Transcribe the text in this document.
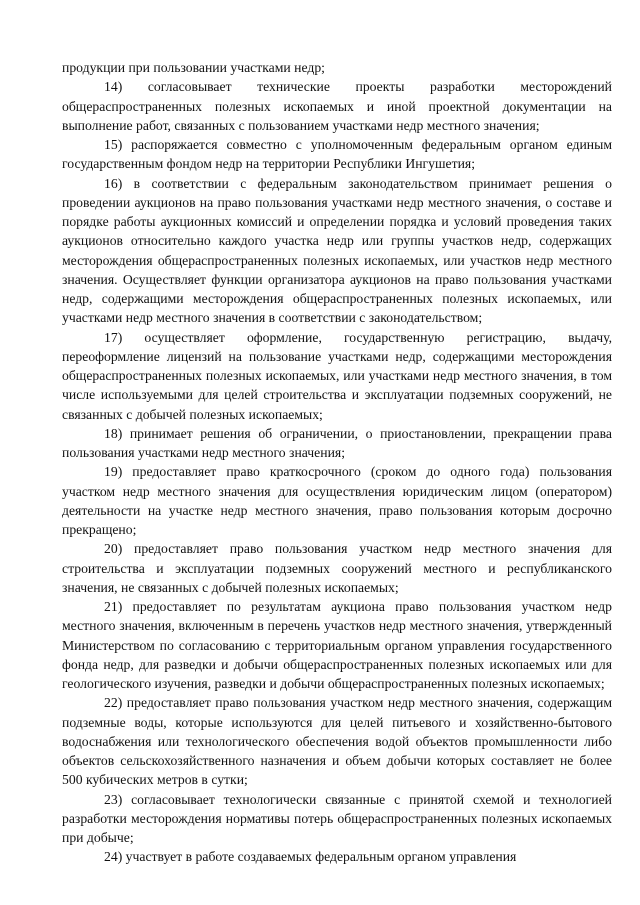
продукции при пользовании участками недр;

14) согласовывает технические проекты разработки месторождений общераспространенных полезных ископаемых и иной проектной документации на выполнение работ, связанных с пользованием участками недр местного значения;

15) распоряжается совместно с уполномоченным федеральным органом единым государственным фондом недр на территории Республики Ингушетия;

16) в соответствии с федеральным законодательством принимает решения о проведении аукционов на право пользования участками недр местного значения, о составе и порядке работы аукционных комиссий и определении порядка и условий проведения таких аукционов относительно каждого участка недр или группы участков недр, содержащих месторождения общераспространенных полезных ископаемых, или участков недр местного значения. Осуществляет функции организатора аукционов на право пользования участками недр, содержащими месторождения общераспространенных полезных ископаемых, или участками недр местного значения в соответствии с законодательством;

17) осуществляет оформление, государственную регистрацию, выдачу, переоформление лицензий на пользование участками недр, содержащими месторождения общераспространенных полезных ископаемых, или участками недр местного значения, в том числе используемыми для целей строительства и эксплуатации подземных сооружений, не связанных с добычей полезных ископаемых;

18) принимает решения об ограничении, о приостановлении, прекращении права пользования участками недр местного значения;

19) предоставляет право краткосрочного (сроком до одного года) пользования участком недр местного значения для осуществления юридическим лицом (оператором) деятельности на участке недр местного значения, право пользования которым досрочно прекращено;

20) предоставляет право пользования участком недр местного значения для строительства и эксплуатации подземных сооружений местного и республиканского значения, не связанных с добычей полезных ископаемых;

21) предоставляет по результатам аукциона право пользования участком недр местного значения, включенным в перечень участков недр местного значения, утвержденный Министерством по согласованию с территориальным органом управления государственного фонда недр, для разведки и добычи общераспространенных полезных ископаемых или для геологического изучения, разведки и добычи общераспространенных полезных ископаемых;

22) предоставляет право пользования участком недр местного значения, содержащим подземные воды, которые используются для целей питьевого и хозяйственно-бытового водоснабжения или технологического обеспечения водой объектов промышленности либо объектов сельскохозяйственного назначения и объем добычи которых составляет не более 500 кубических метров в сутки;

23) согласовывает технологически связанные с принятой схемой и технологией разработки месторождения нормативы потерь общераспространенных полезных ископаемых при добыче;

24) участвует в работе создаваемых федеральным органом управления
